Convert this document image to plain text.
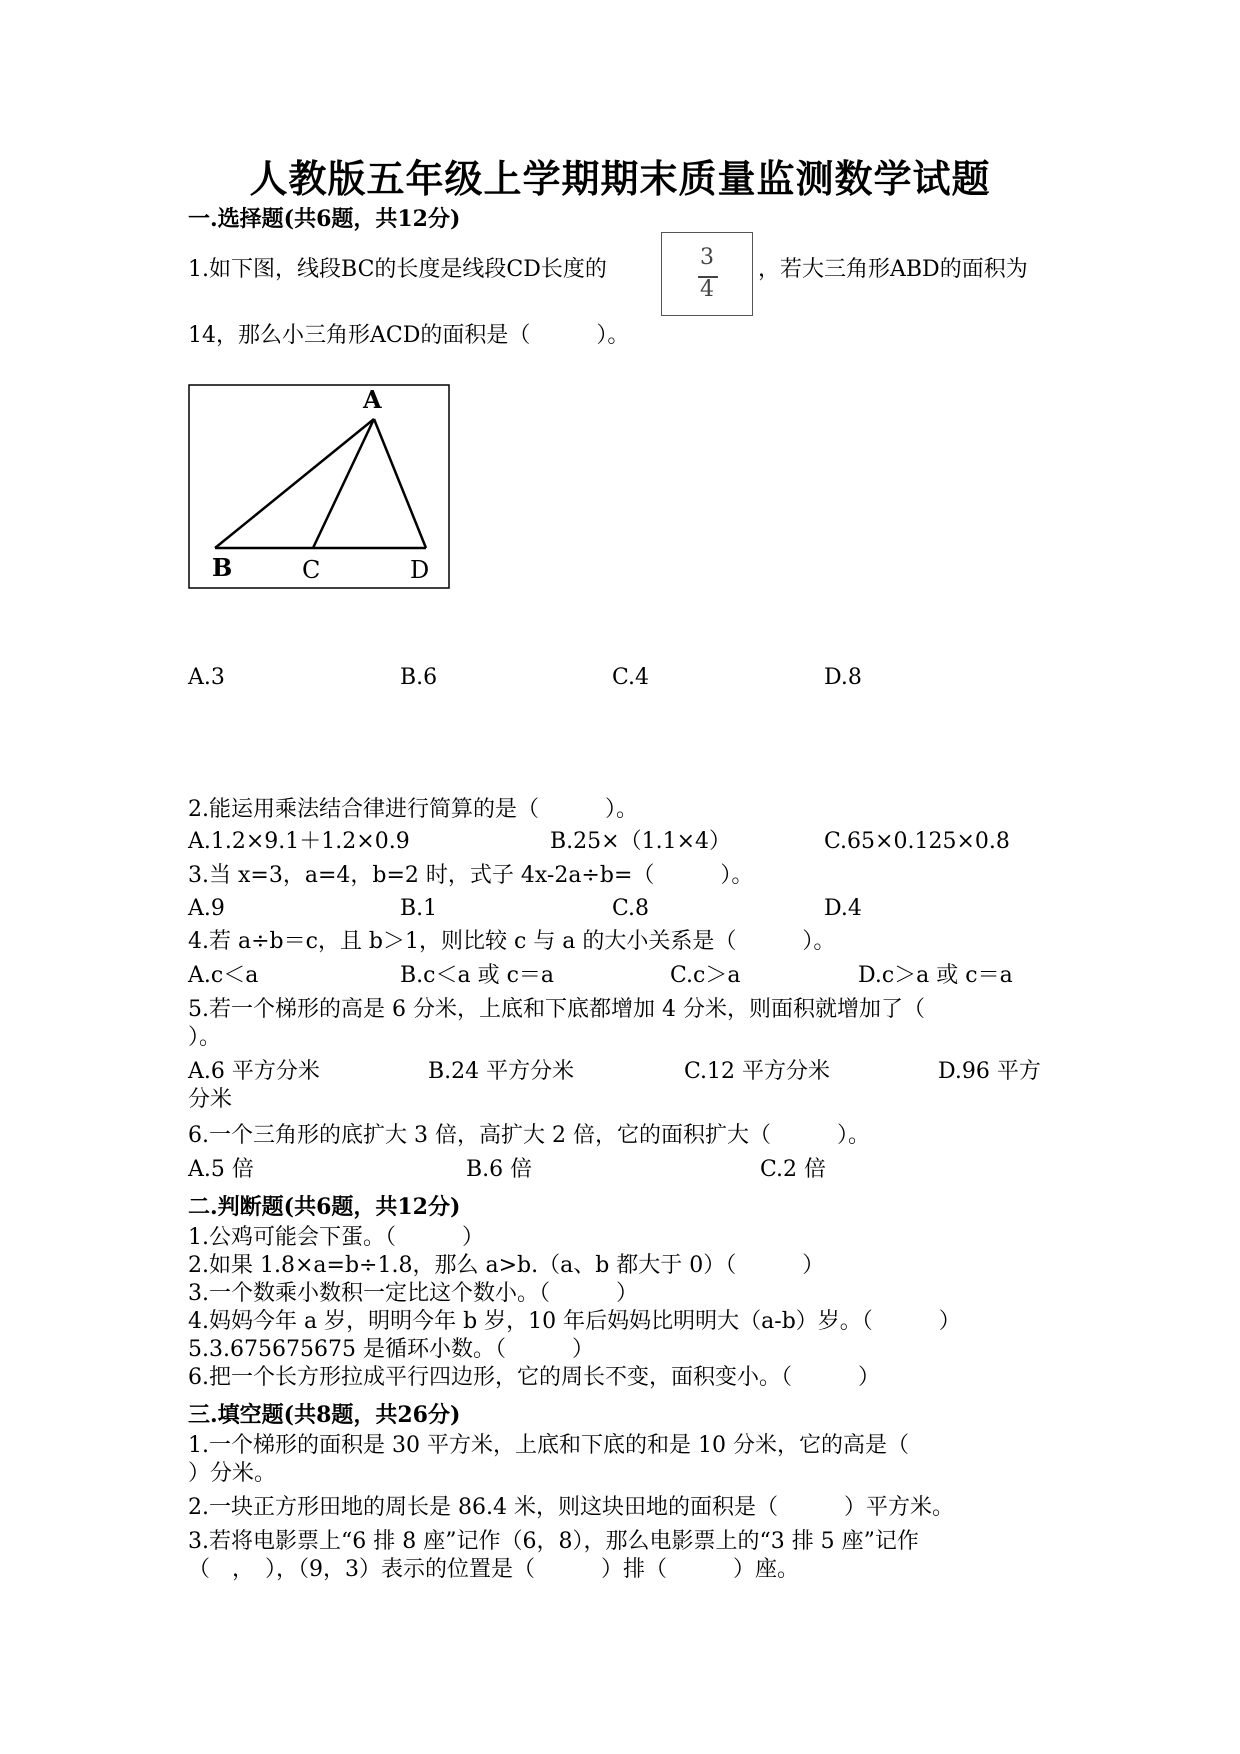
人教版五年级上学期期末质量监测数学试题
一.选择题(共6题，共12分)
1.如下图，线段BC的长度是线段CD长度的	3
4
，若大三角形ABD的面积为
14，那么小三角形ACD的面积是（　　　）。
A
B	C	D
A.3	B.6	C.4	D.8
2.能运用乘法结合律进行简算的是（　　　）。
A.1.2×9.1＋1.2×0.9	B.25×（1.1×4）	C.65×0.125×0.8
3.当 x=3，a=4，b=2 时，式子 4x-2a÷b=（　　　）。
A.9	B.1	C.8	D.4
4.若 a÷b＝c，且 b＞1，则比较 c 与 a 的大小关系是（　　　）。
A.c＜a	B.c＜a 或 c＝a	C.c＞a	D.c＞a 或 c＝a
5.若一个梯形的高是 6 分米，上底和下底都增加 4 分米，则面积就增加了（
）。
A.6 平方分米	B.24 平方分米	C.12 平方分米	D.96 平方
分米
6.一个三角形的底扩大 3 倍，高扩大 2 倍，它的面积扩大（　　　）。
A.5 倍	B.6 倍	C.2 倍
二.判断题(共6题，共12分)
1.公鸡可能会下蛋。（　　　）
2.如果 1.8×a=b÷1.8，那么 a>b.（a、b 都大于 0）（　　　）
3.一个数乘小数积一定比这个数小。（　　　）
4.妈妈今年 a 岁，明明今年 b 岁，10 年后妈妈比明明大（a-b）岁。（　　　）
5.3.675675675 是循环小数。（　　　）
6.把一个长方形拉成平行四边形，它的周长不变，面积变小。（　　　）
三.填空题(共8题，共26分)
1.一个梯形的面积是 30 平方米，上底和下底的和是 10 分米，它的高是（
）分米。
2.一块正方形田地的周长是 86.4 米，则这块田地的面积是（　　　）平方米。
3.若将电影票上“6 排 8 座”记作（6，8），那么电影票上的“3 排 5 座”记作
（　，　），（9，3）表示的位置是（　　　）排（　　　）座。
